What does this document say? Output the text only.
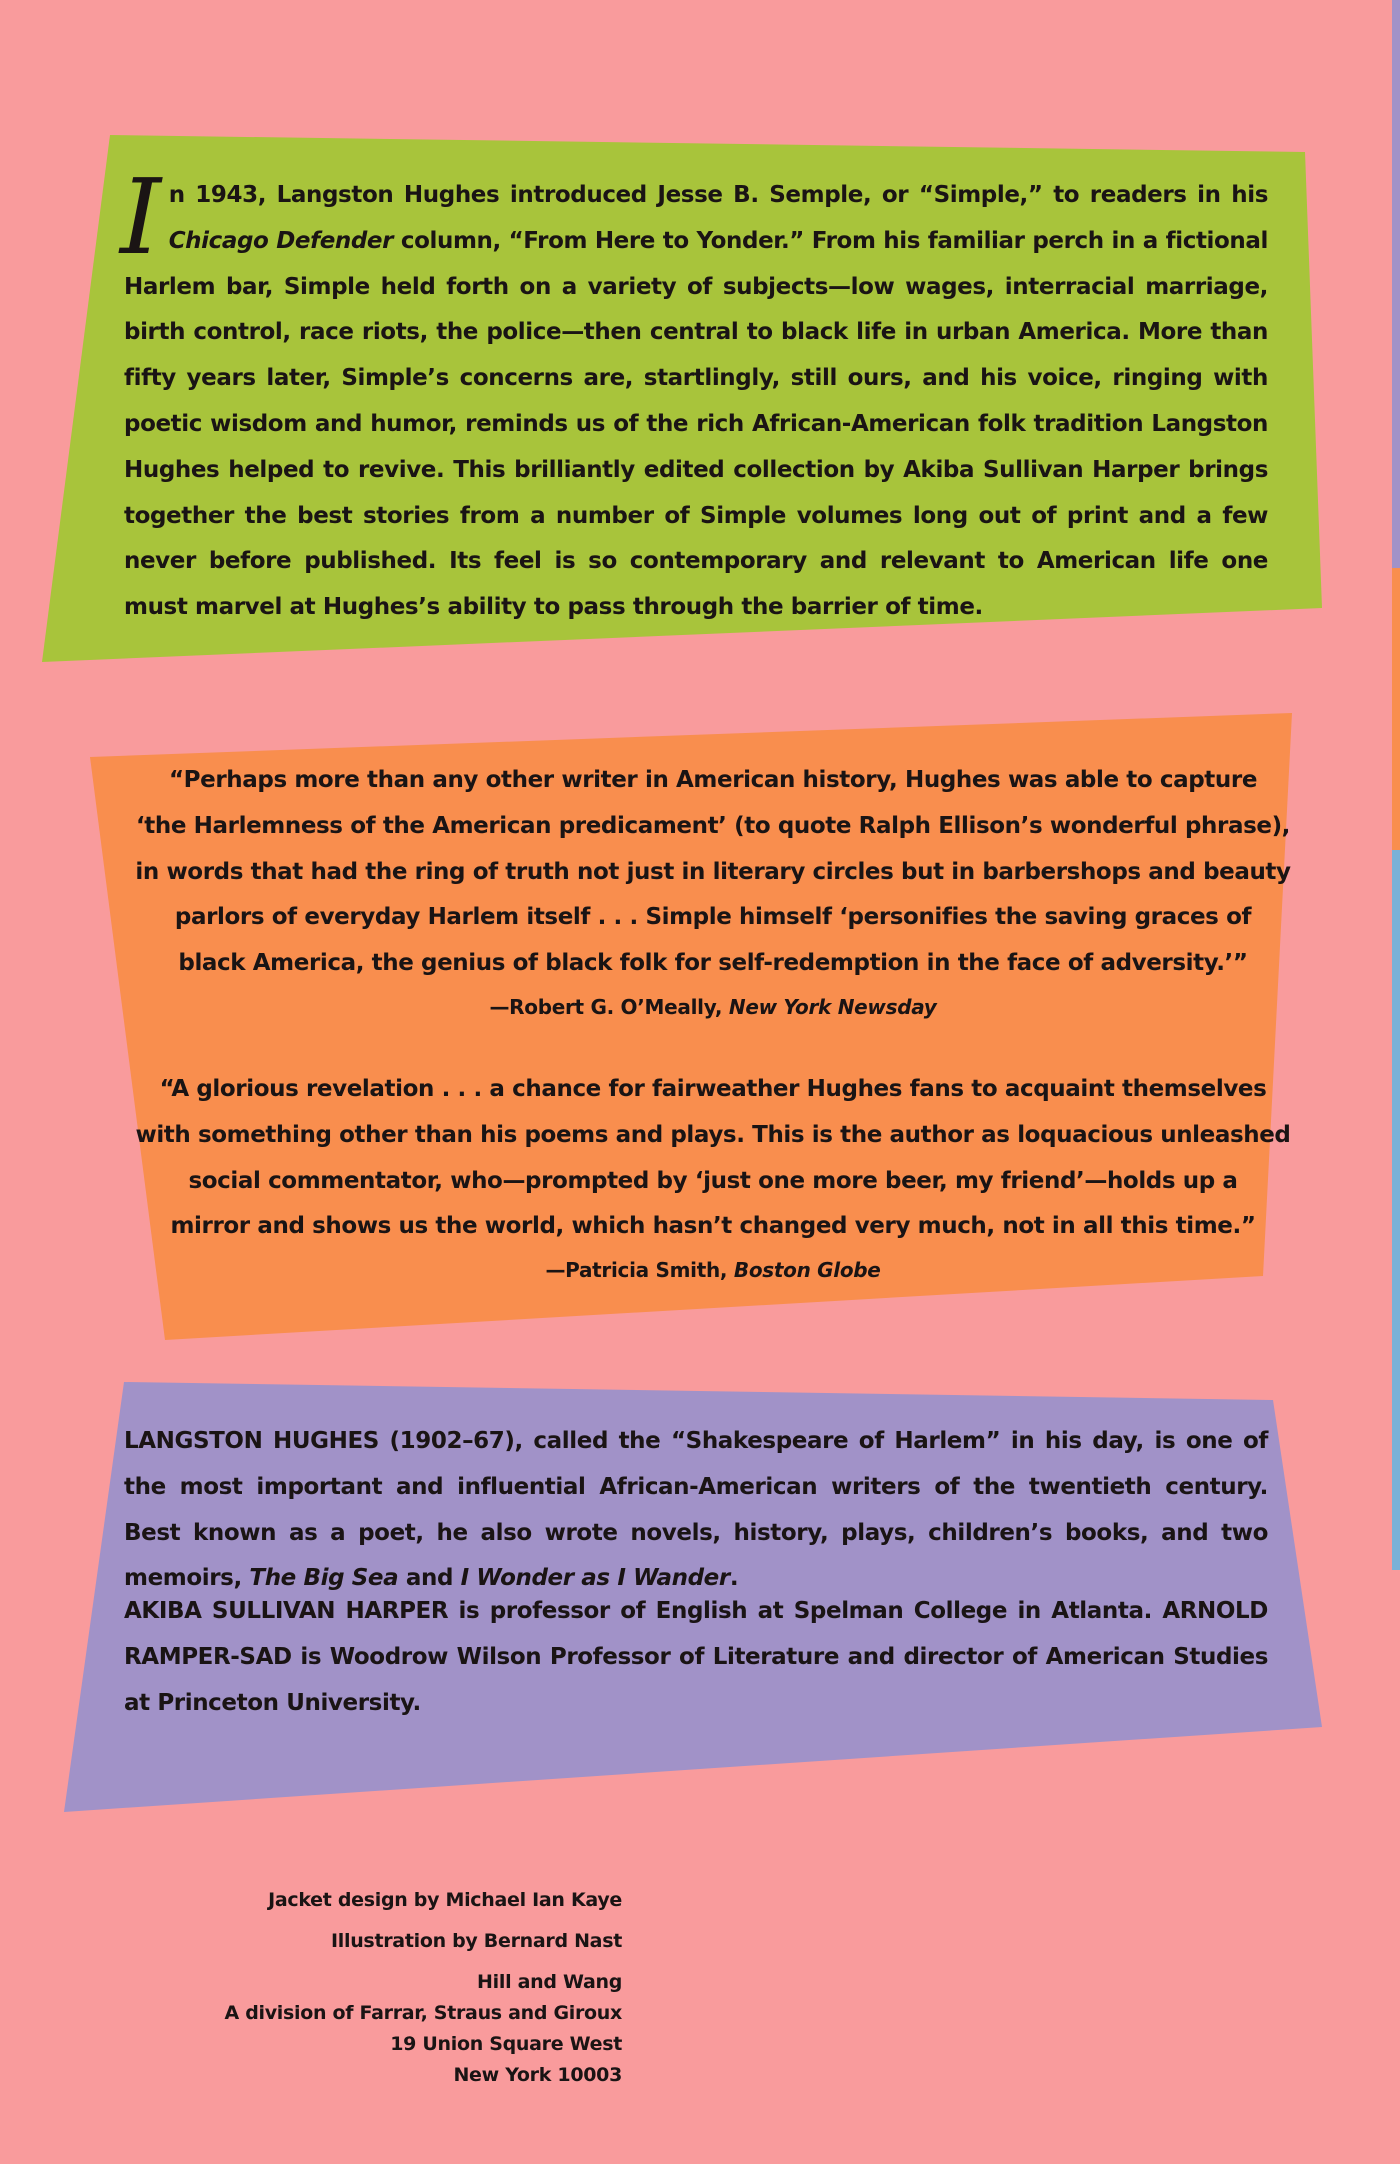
I n 1943, Langston Hughes introduced Jesse B. Semple, or “Simple,” to readers in his Chicago Defender column, “From Here to Yonder.” From his familiar perch in a fictional Harlem bar, Simple held forth on a variety of subjects—low wages, interracial marriage, birth control, race riots, the police—then central to black life in urban America. More than fifty years later, Simple’s concerns are, startlingly, still ours, and his voice, ringing with poetic wisdom and humor, reminds us of the rich African-American folk tradition Langston Hughes helped to revive. This brilliantly edited collection by Akiba Sullivan Harper brings together the best stories from a number of Simple volumes long out of print and a few never before published. Its feel is so contemporary and relevant to American life one must marvel at Hughes’s ability to pass through the barrier of time.
“Perhaps more than any other writer in American history, Hughes was able to capture
‘the Harlemness of the American predicament’ (to quote Ralph Ellison’s wonderful phrase),
in words that had the ring of truth not just in literary circles but in barbershops and beauty
parlors of everyday Harlem itself . . . Simple himself ‘personifies the saving graces of
black America, the genius of black folk for self-redemption in the face of adversity.’”
—Robert G. O’Meally, New York Newsday
“A glorious revelation . . . a chance for fairweather Hughes fans to acquaint themselves
with something other than his poems and plays. This is the author as loquacious unleashed
social commentator, who—prompted by ‘just one more beer, my friend’—holds up a
mirror and shows us the world, which hasn’t changed very much, not in all this time.”
—Patricia Smith, Boston Globe

LANGSTON HUGHES (1902–67), called the “Shakespeare of Harlem” in his day, is one of the most important and influential African-American writers of the twentieth century. Best known as a poet, he also wrote novels, history, plays, children’s books, and two memoirs, The Big Sea and I Wonder as I Wander.

AKIBA SULLIVAN HARPER is professor of English at Spelman College in Atlanta. ARNOLD RAMPER-SAD is Woodrow Wilson Professor of Literature and director of American Studies at Princeton University.

Jacket design by Michael Ian Kaye
Illustration by Bernard Nast
Hill and Wang
A division of Farrar, Straus and Giroux
19 Union Square West
New York 10003
